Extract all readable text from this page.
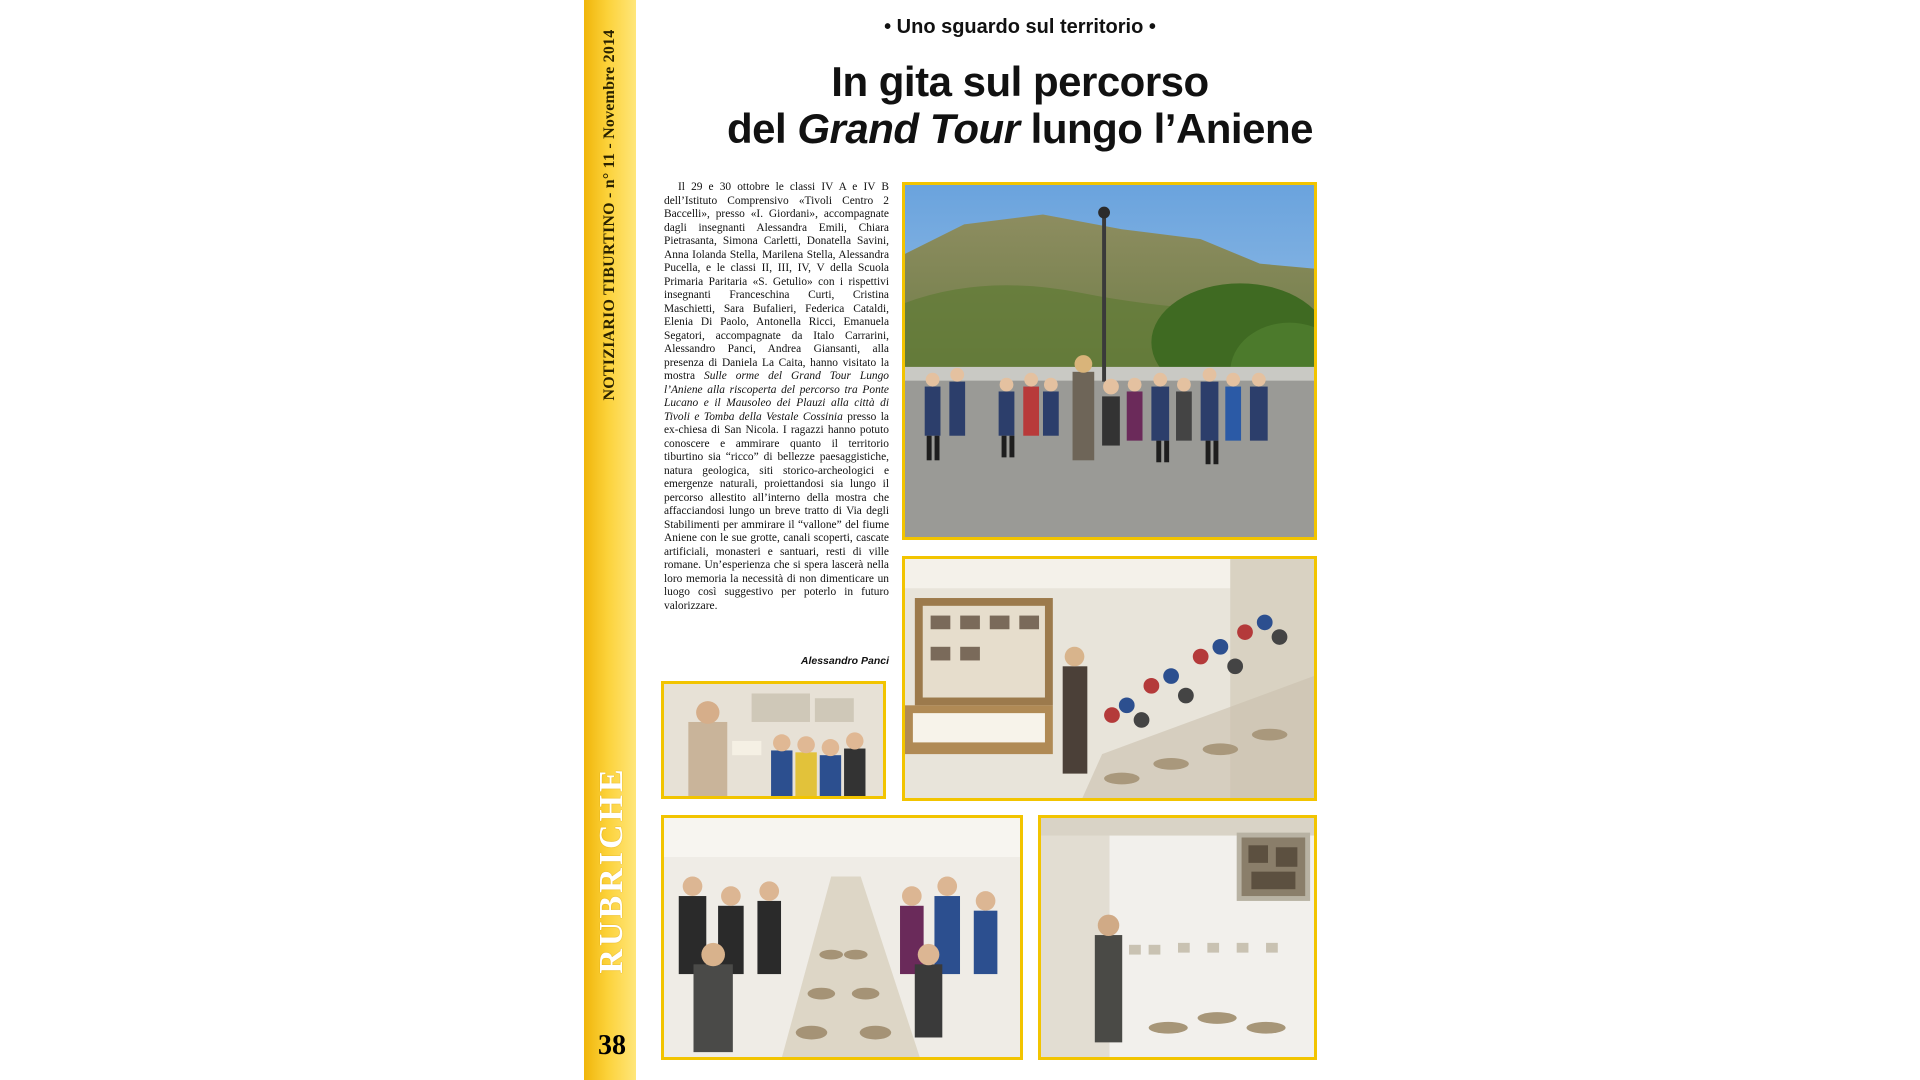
NOTIZIARIO TIBURTINO - n° 11 - Novembre 2014
RUBRICHE
38
• Uno sguardo sul territorio •
In gita sul percorso
del Grand Tour lungo l’Aniene

Il 29 e 30 ottobre le classi IV A e IV B dell’Istituto Comprensivo «Tivoli Centro 2 Baccelli», presso «I. Giordani», accompagnate dagli insegnanti Alessandra Emili, Chiara Pietrasanta, Simona Carletti, Donatella Savini, Anna Iolanda Stella, Marilena Stella, Alessandra Pucella, e le classi II, III, IV, V della Scuola Primaria Paritaria «S. Getulio» con i rispettivi insegnanti Franceschina Curti, Cristina Maschietti, Sara Bufalieri, Federica Cataldi, Elenia Di Paolo, Antonella Ricci, Emanuela Segatori, accompagnate da Italo Carrarini, Alessandro Panci, Andrea Giansanti, alla presenza di Daniela La Caita, hanno visitato la mostra Sulle orme del Grand Tour Lungo l’Aniene alla riscoperta del percorso tra Ponte Lucano e il Mausoleo dei Plauzi alla città di Tivoli e Tomba della Vestale Cossinia presso la ex-chiesa di San Nicola. I ragazzi hanno potuto conoscere e ammirare quanto il territorio tiburtino sia “ricco” di bellezze paesaggistiche, natura geologica, siti storico-archeologici e emergenze naturali, proiettandosi sia lungo il percorso allestito all’interno della mostra che affacciandosi lungo un breve tratto di Via degli Stabilimenti per ammirare il “vallone” del fiume Aniene con le sue grotte, canali scoperti, cascate artificiali, monasteri e santuari, resti di ville romane. Un’esperienza che si spera lascerà nella loro memoria la necessità di non dimenticare un luogo così suggestivo per poterlo in futuro valorizzare.

Alessandro Panci
